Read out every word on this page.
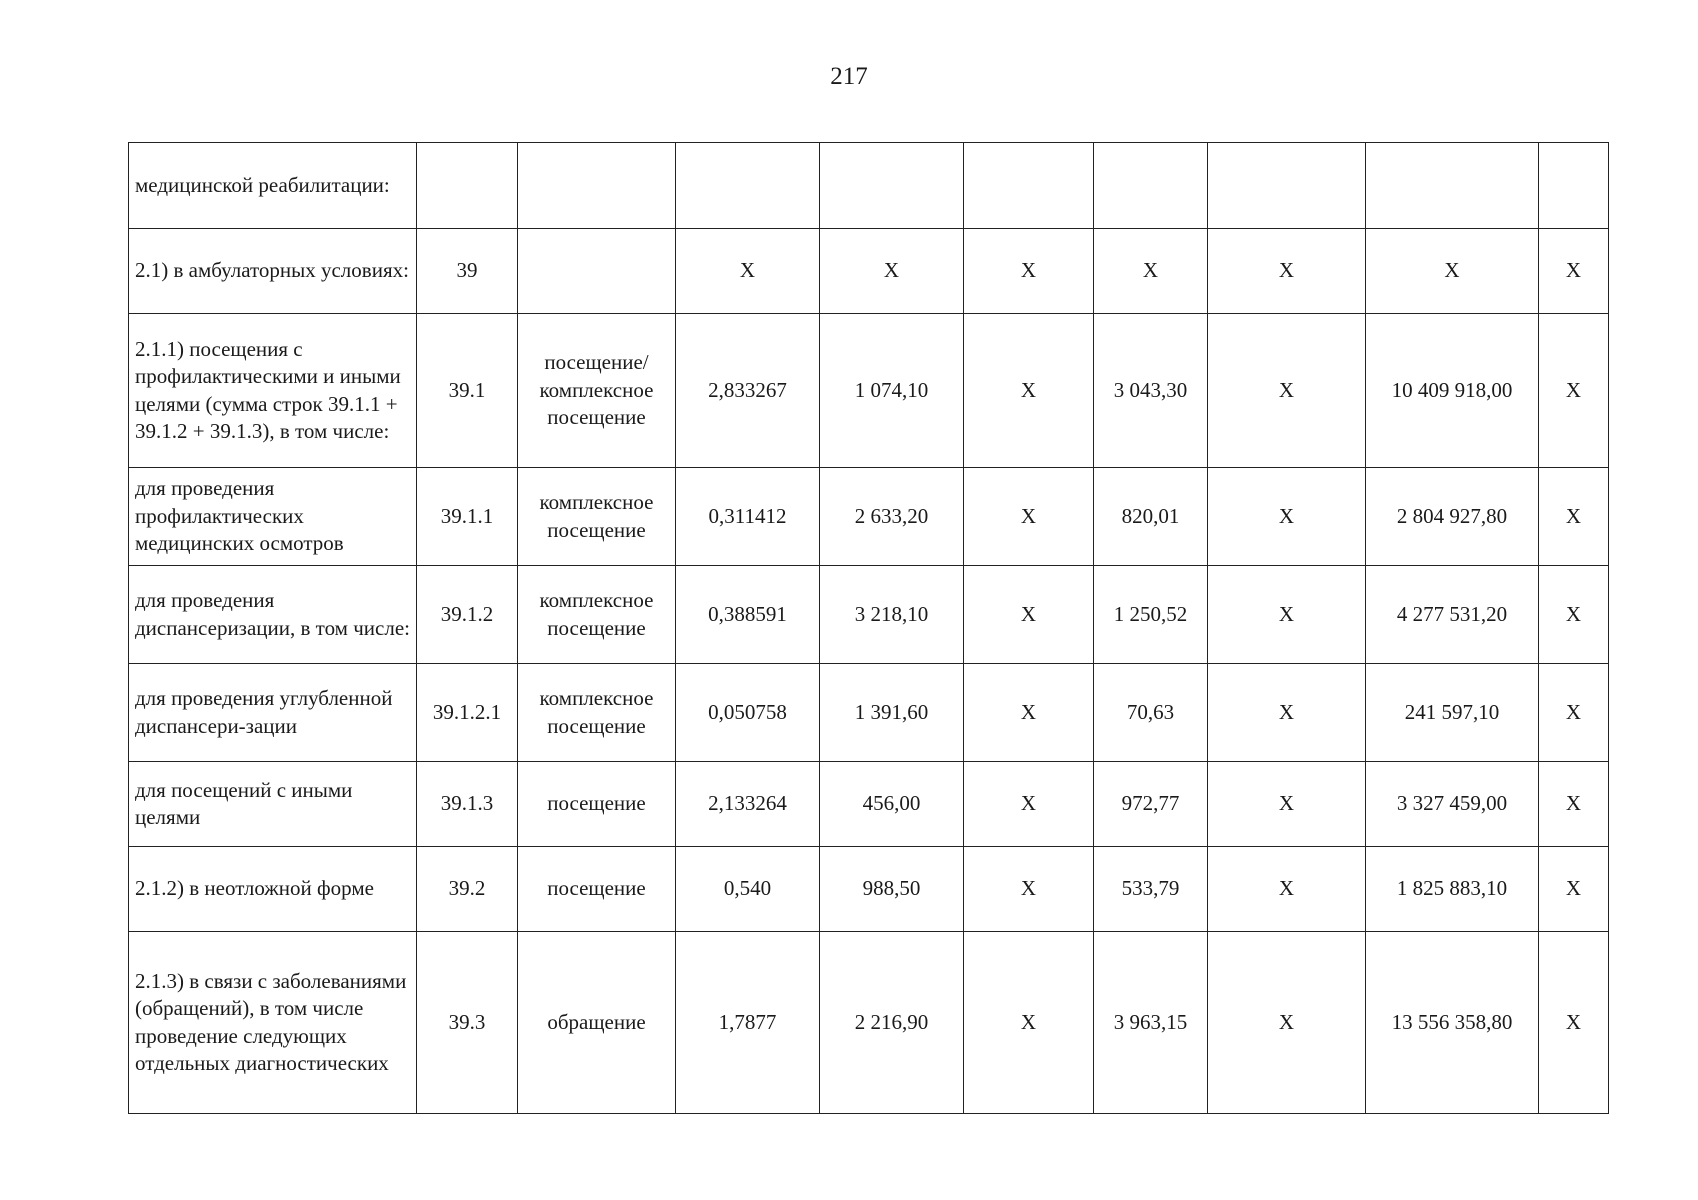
217
медицинской реабилитации:									
2.1) в амбулаторных условиях:	39		X	X	X	X	X	X	X
2.1.1) посещения с профилактическими и иными целями (сумма строк 39.1.1 + 39.1.2 + 39.1.3), в том числе:	39.1	посещение/ комплексное посещение	2,833267	1 074,10	X	3 043,30	X	10 409 918,00	X
для проведения профилактических медицинских осмотров	39.1.1	комплексное посещение	0,311412	2 633,20	X	820,01	X	2 804 927,80	X
для проведения диспансеризации, в том числе:	39.1.2	комплексное посещение	0,388591	3 218,10	X	1 250,52	X	4 277 531,20	X
для проведения углубленной диспансери-зации	39.1.2.1	комплексное посещение	0,050758	1 391,60	X	70,63	X	241 597,10	X
для посещений с иными целями	39.1.3	посещение	2,133264	456,00	X	972,77	X	3 327 459,00	X
2.1.2) в неотложной форме	39.2	посещение	0,540	988,50	X	533,79	X	1 825 883,10	X
2.1.3) в связи с заболеваниями (обращений), в том числе проведение следующих отдельных диагностических	39.3	обращение	1,7877	2 216,90	X	3 963,15	X	13 556 358,80	X
